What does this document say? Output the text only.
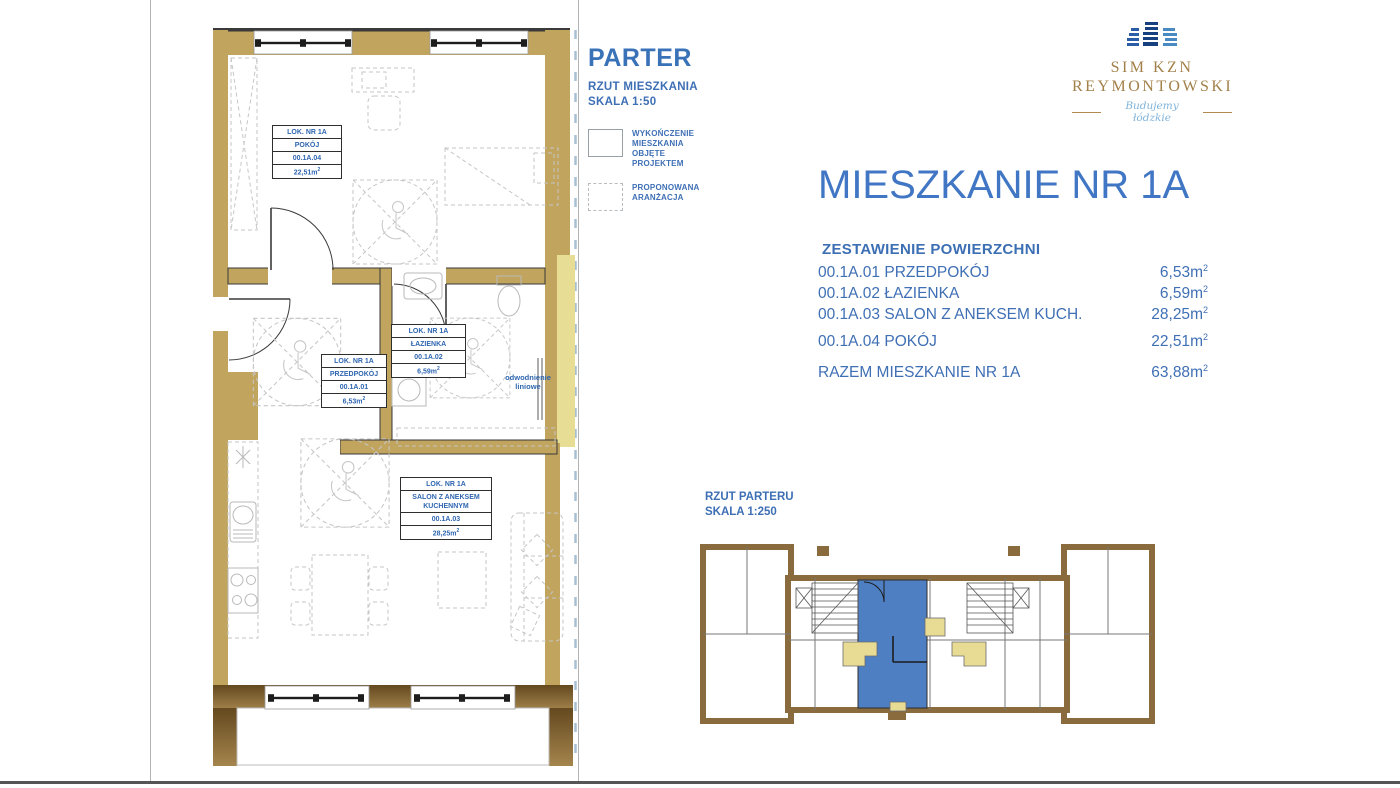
LOK. NR 1A
POKÓJ
00.1A.04
$22,51m^2$
LOK. NR 1A
ŁAZIENKA
00.1A.02
$6,59m^2$
LOK. NR 1A
PRZEDPOKÓJ
00.1A.01
$6,53m^2$
LOK. NR 1A
SALON Z ANEKSEM
KUCHENNYM
00.1A.03
$28,25m^2$
odwodnienie
liniowe
PARTER
RZUT MIESZKANIA
SKALA 1:50
WYKOŃCZENIE MIESZKANIA OBJĘTE PROJEKTEM
PROPONOWANA ARANŻACJA
SIM KZN
REYMONTOWSKI
Budujemy łódzkie
MIESZKANIE NR 1A
ZESTAWIENIE POWIERZCHNI
00.1A.01 PRZEDPOKÓJ	$6,53m^2$
00.1A.02 ŁAZIENKA	$6,59m^2$
00.1A.03 SALON Z ANEKSEM KUCH.	$28,25m^2$
00.1A.04 POKÓJ	$22,51m^2$
RAZEM MIESZKANIE NR 1A	$63,88m^2$
RZUT PARTERU
SKALA 1:250
